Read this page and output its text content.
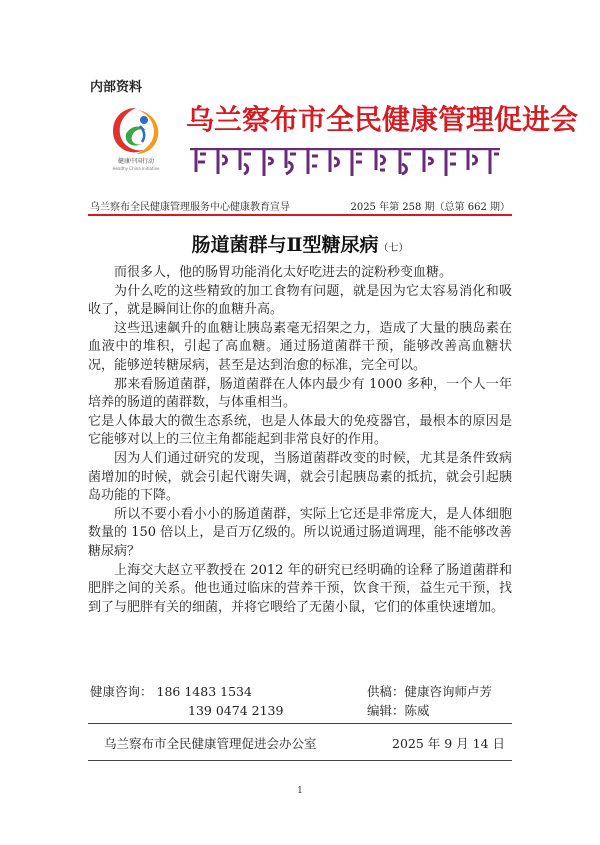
内部资料
健康中国行动
Healthy China Initiative
乌兰察布市全民健康管理促进会
乌兰察布全民健康管理服务中心健康教育宣导	2025 年第 258 期（总第 662 期）
肠道菌群与Ⅱ型糖尿病（七）

而很多人，他的肠胃功能消化太好吃进去的淀粉秒变血糖。

为什么吃的这些精致的加工食物有问题，就是因为它太容易消化和吸收了，就是瞬间让你的血糖升高。

这些迅速飙升的血糖让胰岛素毫无招架之力，造成了大量的胰岛素在血液中的堆积，引起了高血糖。通过肠道菌群干预，能够改善高血糖状况，能够逆转糖尿病，甚至是达到治愈的标准，完全可以。

那来看肠道菌群，肠道菌群在人体内最少有 1000 多种，一个人一年培养的肠道的菌群数，与体重相当。

它是人体最大的微生态系统，也是人体最大的免疫器官，最根本的原因是它能够对以上的三位主角都能起到非常良好的作用。

因为人们通过研究的发现，当肠道菌群改变的时候，尤其是条件致病菌增加的时候，就会引起代谢失调，就会引起胰岛素的抵抗，就会引起胰岛功能的下降。

所以不要小看小小的肠道菌群，实际上它还是非常庞大，是人体细胞数量的 150 倍以上，是百万亿级的。所以说通过肠道调理，能不能够改善糖尿病？

上海交大赵立平教授在 2012 年的研究已经明确的诠释了肠道菌群和肥胖之间的关系。他也通过临床的营养干预，饮食干预，益生元干预，找到了与肥胖有关的细菌，并将它喂给了无菌小鼠，它们的体重快速增加。

健康咨询： 186 1483 1534	供稿：健康咨询师卢芳
139 0474 2139	编辑：陈威
乌兰察布市全民健康管理促进会办公室	2025 年 9 月 14 日
1
